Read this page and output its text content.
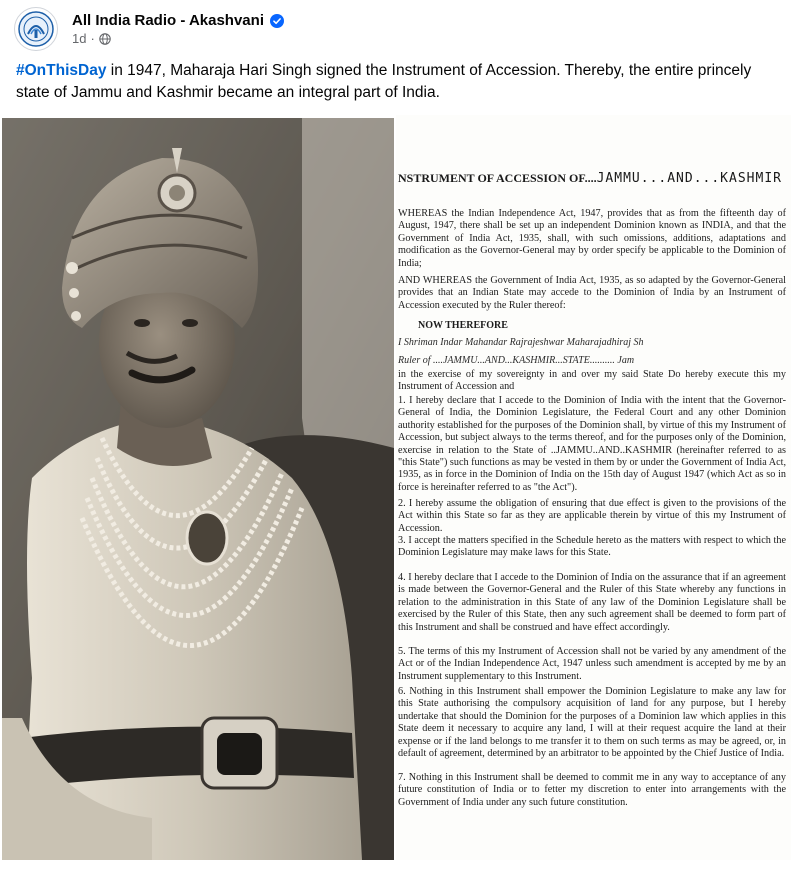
All India Radio - Akashvani
1d ·
#OnThisDay in 1947, Maharaja Hari Singh signed the Instrument of Accession. Thereby, the entire princely state of Jammu and Kashmir became an integral part of India.
NSTRUMENT OF ACCESSION OF....JAMMU...AND...KASHMIR
WHEREAS the Indian Independence Act, 1947, provides that as from the fifteenth day of August, 1947, there shall be set up an independent Dominion known as INDIA, and that the Government of India Act, 1935, shall, with such omissions, additions, adaptations and modification as the Governor-General may by order specify be applicable to the Dominion of India;
AND WHEREAS the Government of India Act, 1935, as so adapted by the Governor-General provides that an Indian State may accede to the Dominion of India by an Instrument of Accession executed by the Ruler thereof:
NOW THEREFORE
I Shriman Indar Mahandar Rajrajeshwar Maharajadhiraj Sh
Ruler of ....JAMMU...AND...KASHMIR...STATE.......... Jam
in the exercise of my sovereignty in and over my said State Do hereby execute this my Instrument of Accession and
1. I hereby declare that I accede to the Dominion of India with the intent that the Governor-General of India, the Dominion Legislature, the Federal Court and any other Dominion authority established for the purposes of the Dominion shall, by virtue of this my Instrument of Accession, but subject always to the terms thereof, and for the purposes only of the Dominion, exercise in relation to the State of ..JAMMU..AND..KASHMIR (hereinafter referred to as "this State") such functions as may be vested in them by or under the Government of India Act, 1935, as in force in the Dominion of India on the 15th day of August 1947 (which Act as so in force is hereinafter referred to as "the Act").
2. I hereby assume the obligation of ensuring that due effect is given to the provisions of the Act within this State so far as they are applicable therein by virtue of this my Instrument of Accession.
3. I accept the matters specified in the Schedule hereto as the matters with respect to which the Dominion Legislature may make laws for this State.
4. I hereby declare that I accede to the Dominion of India on the assurance that if an agreement is made between the Governor-General and the Ruler of this State whereby any functions in relation to the administration in this State of any law of the Dominion Legislature shall be exercised by the Ruler of this State, then any such agreement shall be deemed to form part of this Instrument and shall be construed and have effect accordingly.
5. The terms of this my Instrument of Accession shall not be varied by any amendment of the Act or of the Indian Independence Act, 1947 unless such amendment is accepted by me by an Instrument supplementary to this Instrument.
6. Nothing in this Instrument shall empower the Dominion Legislature to make any law for this State authorising the compulsory acquisition of land for any purpose, but I hereby undertake that should the Dominion for the purposes of a Dominion law which applies in this State deem it necessary to acquire any land, I will at their request acquire the land at their expense or if the land belongs to me transfer it to them on such terms as may be agreed, or, in default of agreement, determined by an arbitrator to be appointed by the Chief Justice of India.
7. Nothing in this Instrument shall be deemed to commit me in any way to acceptance of any future constitution of India or to fetter my discretion to enter into arrangements with the Government of India under any such future constitution.
